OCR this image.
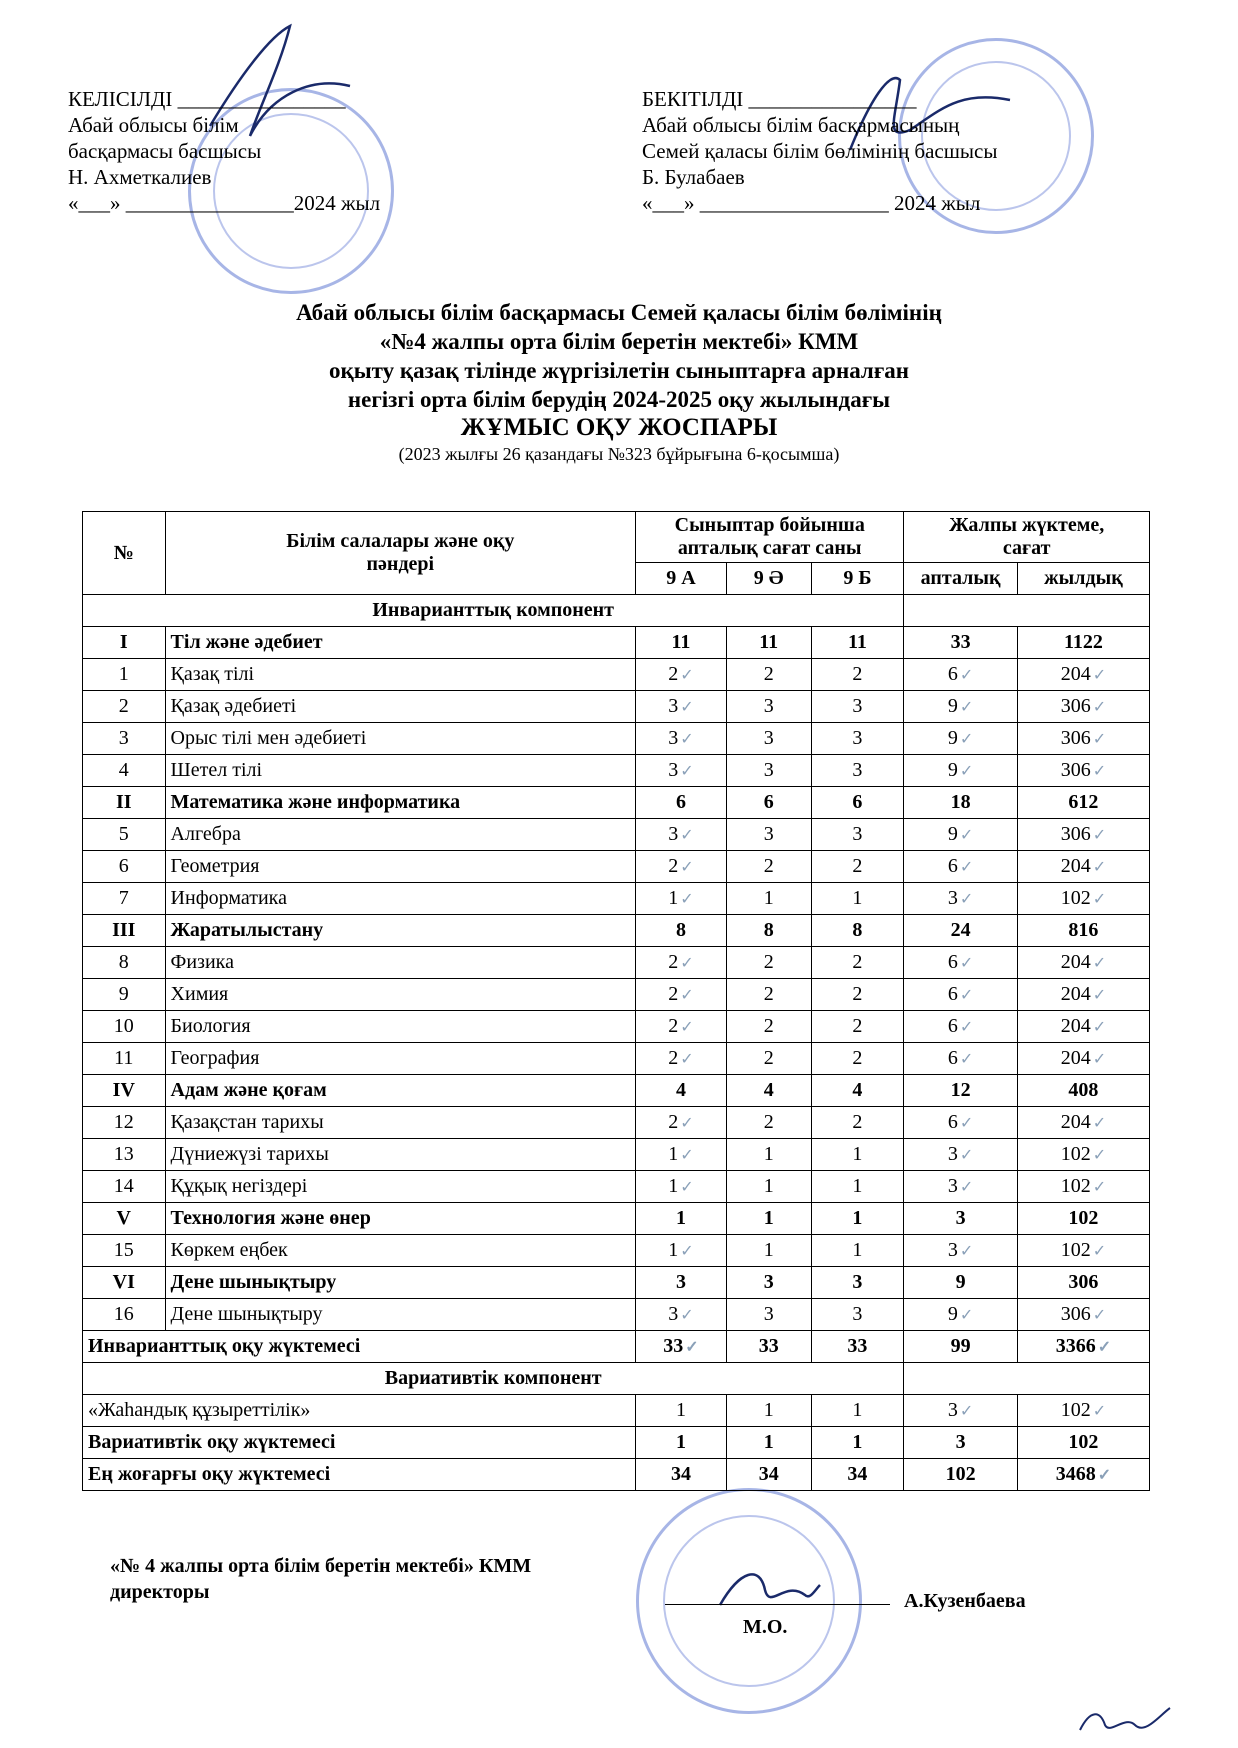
КЕЛІСІЛДІ ________________
Абай облысы білім
басқармасы басшысы
Н. Ахметкалиев
«___» ________________2024 жыл
БЕКІТІЛДІ ________________
Абай облысы білім басқармасының
Семей қаласы білім бөлімінің басшысы
Б. Булабаев
«___» __________________ 2024 жыл
Абай облысы білім басқармасы Семей қаласы білім бөлімінің
«№4 жалпы орта білім беретін мектебі» КММ
оқыту қазақ тілінде жүргізілетін сыныптарға арналған
негізгі орта білім берудің 2024-2025 оқу жылындағы
ЖҰМЫС ОҚУ ЖОСПАРЫ
(2023 жылғы 26 қазандағы №323 бұйрығына 6-қосымша)
№	Білім салалары және оқу пәндері	Сыныптар бойынша апталық сағат саны			Жалпы жүктеме, сағат	
		9 А	9 Ә	9 Б	апталық	жылдық
Инварианттық компонент						
I	Тіл және әдебиет	11	11	11	33	1122
1	Қазақ тілі	2 ✓	2	2	6 ✓	204 ✓
2	Қазақ әдебиеті	3 ✓	3	3	9 ✓	306 ✓
3	Орыс тілі мен әдебиеті	3 ✓	3	3	9 ✓	306 ✓
4	Шетел тілі	3 ✓	3	3	9 ✓	306 ✓
II	Математика және информатика	6	6	6	18	612
5	Алгебра	3 ✓	3	3	9 ✓	306 ✓
6	Геометрия	2 ✓	2	2	6 ✓	204 ✓
7	Информатика	1 ✓	1	1	3 ✓	102 ✓
III	Жаратылыстану	8	8	8	24	816
8	Физика	2 ✓	2	2	6 ✓	204 ✓
9	Химия	2 ✓	2	2	6 ✓	204 ✓
10	Биология	2 ✓	2	2	6 ✓	204 ✓
11	География	2 ✓	2	2	6 ✓	204 ✓
IV	Адам және қоғам	4	4	4	12	408
12	Қазақстан тарихы	2 ✓	2	2	6 ✓	204 ✓
13	Дүниежүзі тарихы	1 ✓	1	1	3 ✓	102 ✓
14	Құқық негіздері	1 ✓	1	1	3 ✓	102 ✓
V	Технология және өнер	1	1	1	3	102
15	Көркем еңбек	1 ✓	1	1	3 ✓	102 ✓
VI	Дене шынықтыру	3	3	3	9	306
16	Дене шынықтыру	3 ✓	3	3	9 ✓	306 ✓
Инварианттық оқу жүктемесі		33 ✓	33	33	99	3366 ✓
Вариативтік компонент						
«Жаһандық құзыреттілік»		1	1	1	3 ✓	102 ✓
Вариативтік оқу жүктемесі		1	1	1	3	102
Ең жоғарғы оқу жүктемесі		34	34	34	102	3468 ✓
«№ 4 жалпы орта білім беретін мектебі» КММ
директоры	А.Кузенбаева
М.О.
